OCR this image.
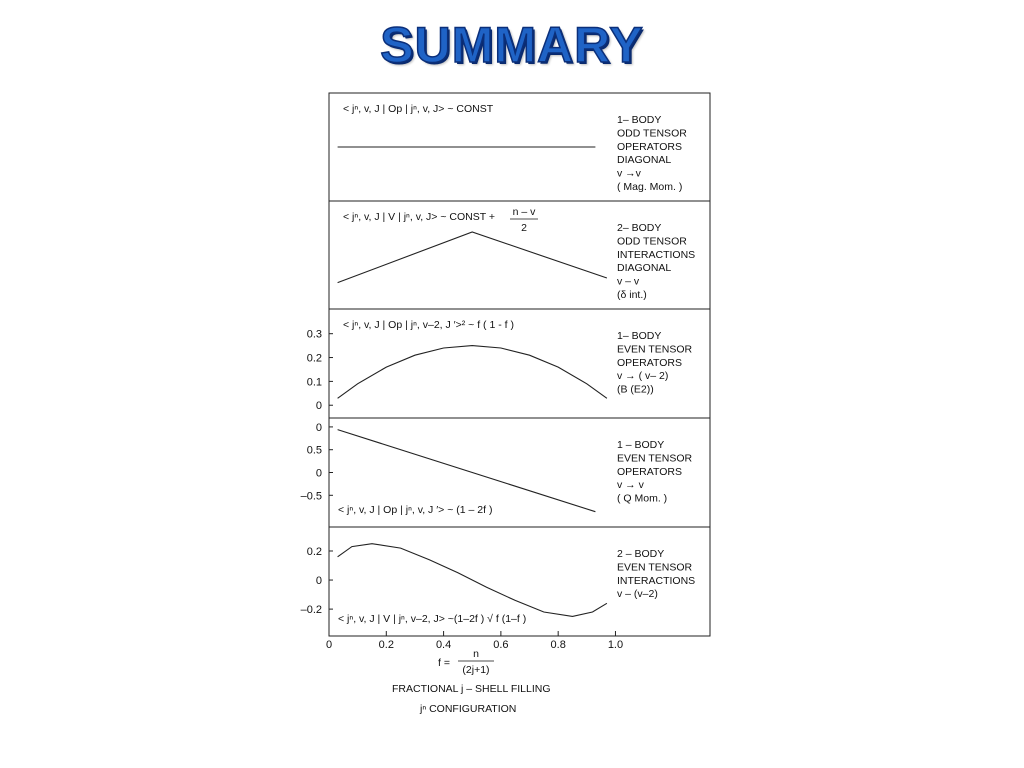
SUMMARY
< jⁿ, v, J | Op | jⁿ, v, J> ~ CONST
1– BODY
ODD TENSOR
OPERATORS
DIAGONAL
v →v
( Mag. Mom. )
< jⁿ, v, J | V | jⁿ, v, J> ~ CONST + n – v
2	2– BODY
ODD TENSOR
INTERACTIONS
DIAGONAL
v – v
(δ int.)
0
0.1
0.2
0.3
< jⁿ, v, J | Op | jⁿ, v–2, J ′>² ~ f ( 1 - f )
1– BODY
EVEN TENSOR
OPERATORS
v → ( v– 2)
(B (E2))
0
0.5
0
–0.5
< jⁿ, v, J | Op | jⁿ, v, J ′> ~ (1 – 2f )
1 – BODY
EVEN TENSOR
OPERATORS
v → v
( Q Mom. )
0.2
0
–0.2
< jⁿ, v, J | V | jⁿ, v–2, J> ~(1–2f ) √ f (1–f )
2 – BODY
EVEN TENSOR
INTERACTIONS
v – (v–2)
0	0.2	0.4	0.6	0.8	1.0
f =
n
(2j+1)
FRACTIONAL j – SHELL FILLING
jⁿ CONFIGURATION
